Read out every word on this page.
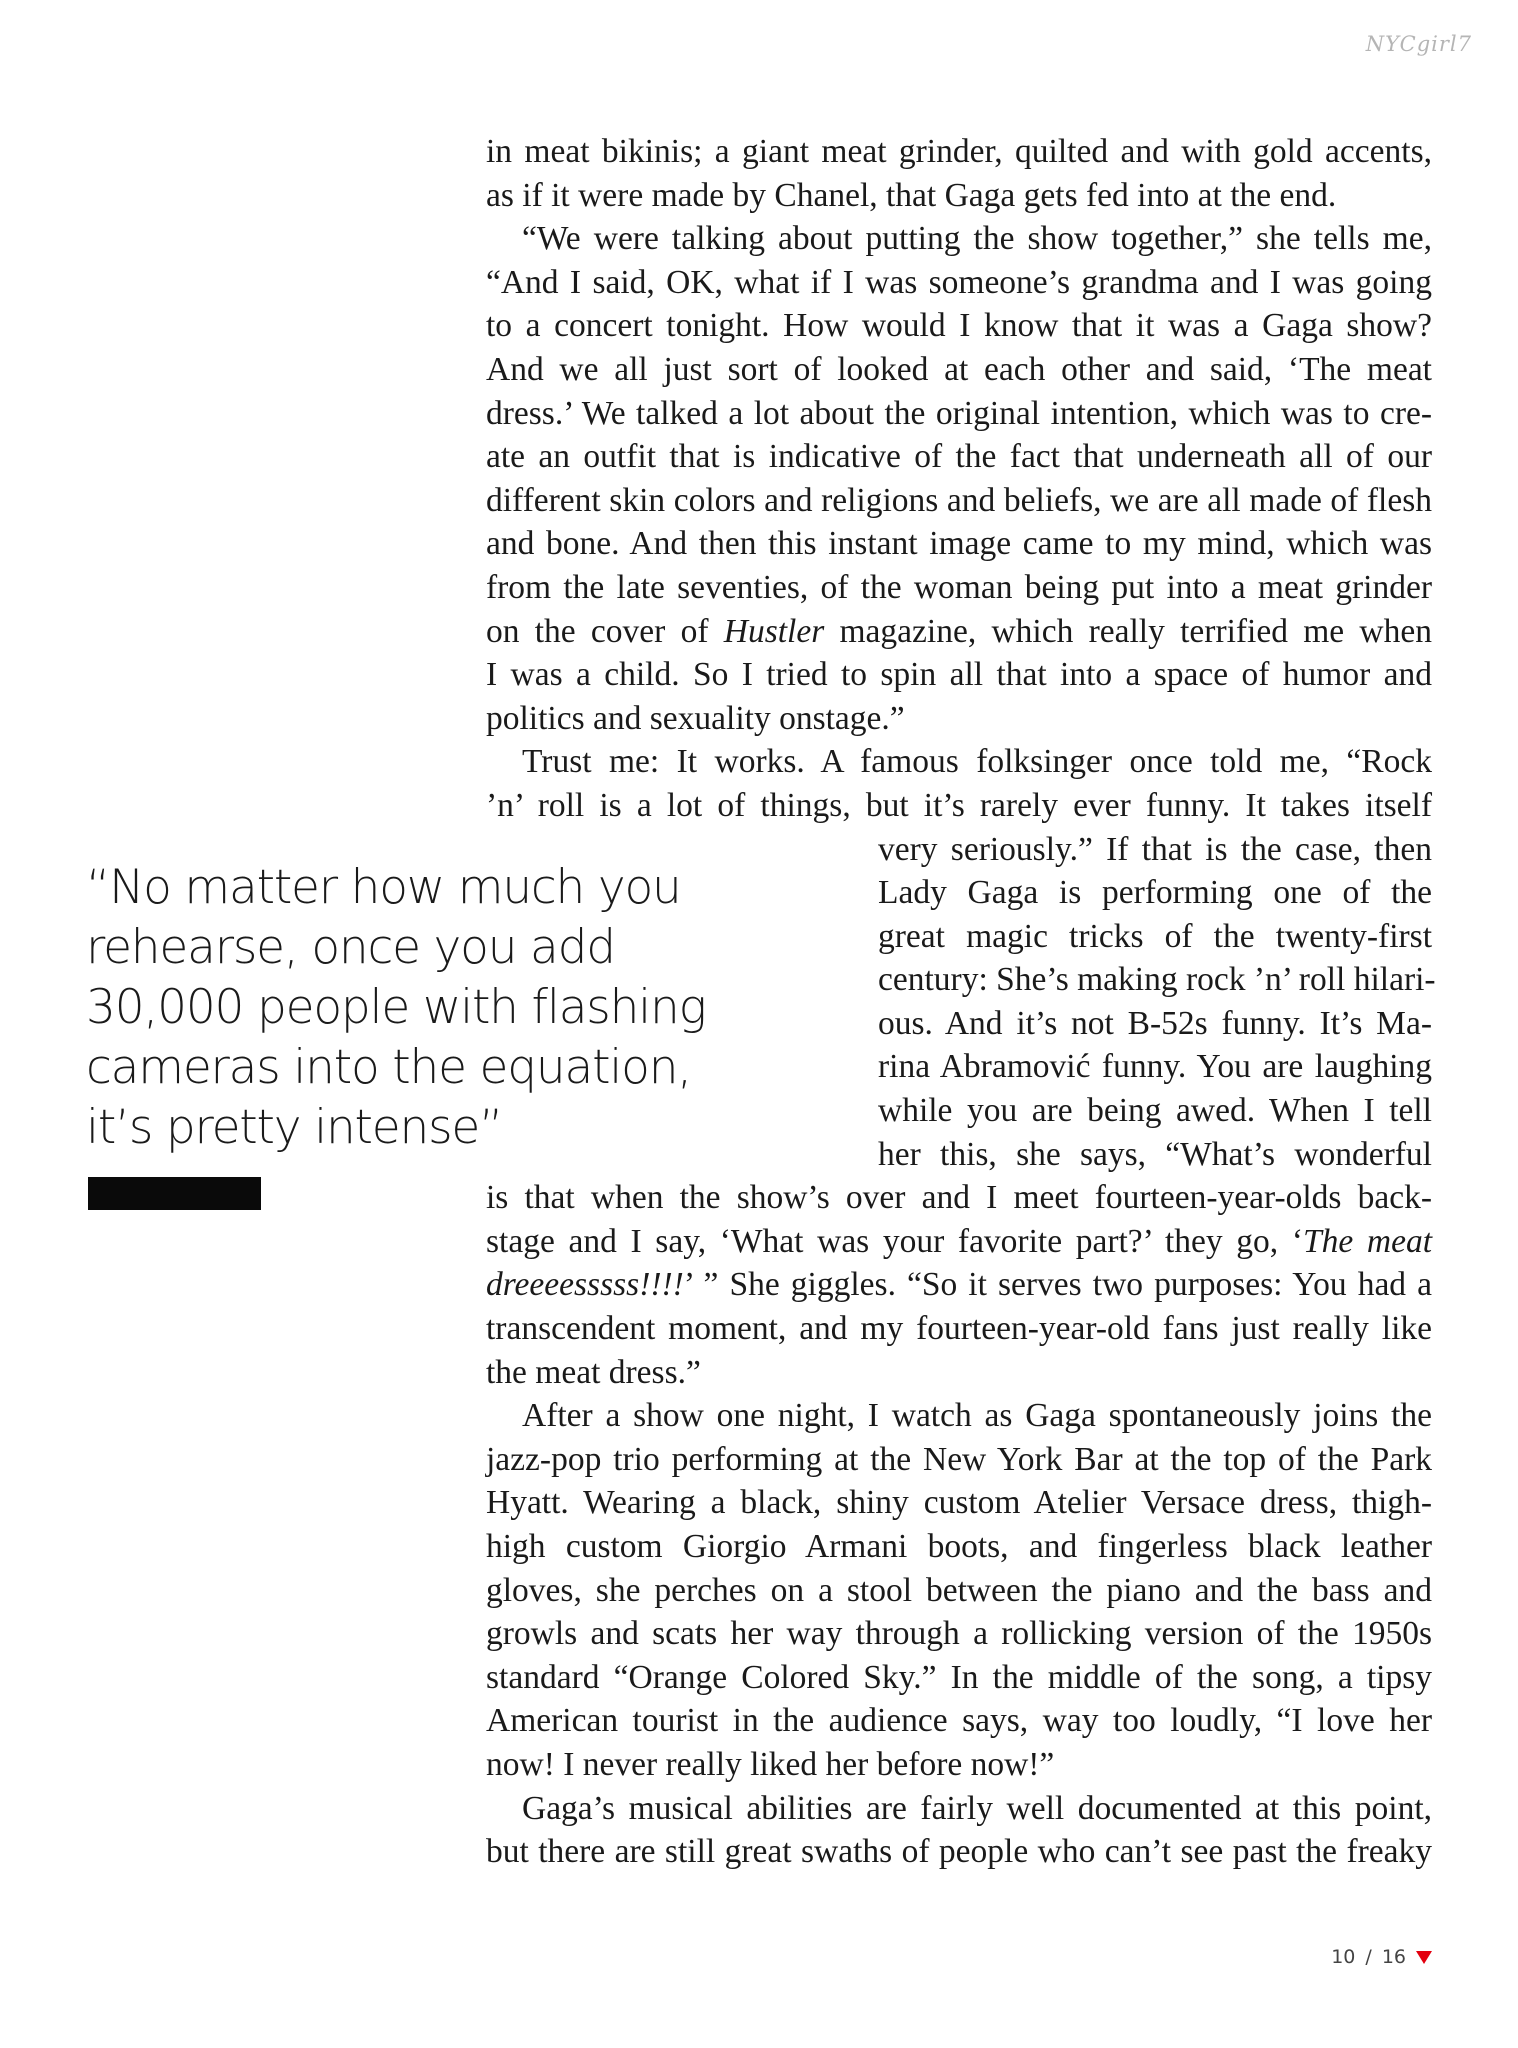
NYCgirl7
in meat bikinis; a giant meat grinder, quilted and with gold accents,
as if it were made by Chanel, that Gaga gets fed into at the end.
“We were talking about putting the show together,” she tells me,
“And I said, OK, what if I was someone’s grandma and I was going
to a concert tonight. How would I know that it was a Gaga show?
And we all just sort of looked at each other and said, ‘The meat
dress.’ We talked a lot about the original intention, which was to cre-
ate an outfit that is indicative of the fact that underneath all of our
different skin colors and religions and beliefs, we are all made of flesh
and bone. And then this instant image came to my mind, which was
from the late seventies, of the woman being put into a meat grinder
on the cover of Hustler magazine, which really terrified me when
I was a child. So I tried to spin all that into a space of humor and
politics and sexuality onstage.”
Trust me: It works. A famous folksinger once told me, “Rock
’n’ roll is a lot of things, but it’s rarely ever funny. It takes itself
very seriously.” If that is the case, then
Lady Gaga is performing one of the
great magic tricks of the twenty-first
century: She’s making rock ’n’ roll hilari-
ous. And it’s not B-52s funny. It’s Ma-
rina Abramović funny. You are laughing
while you are being awed. When I tell
her this, she says, “What’s wonderful
is that when the show’s over and I meet fourteen-year-olds back-
stage and I say, ‘What was your favorite part?’ they go, ‘The meat
dreeeesssss!!!!’ ” She giggles. “So it serves two purposes: You had a
transcendent moment, and my fourteen-year-old fans just really like
the meat dress.”
After a show one night, I watch as Gaga spontaneously joins the
jazz-pop trio performing at the New York Bar at the top of the Park
Hyatt. Wearing a black, shiny custom Atelier Versace dress, thigh-
high custom Giorgio Armani boots, and fingerless black leather
gloves, she perches on a stool between the piano and the bass and
growls and scats her way through a rollicking version of the 1950s
standard “Orange Colored Sky.” In the middle of the song, a tipsy
American tourist in the audience says, way too loudly, “I love her
now! I never really liked her before now!”
Gaga’s musical abilities are fairly well documented at this point,
but there are still great swaths of people who can’t see past the freaky
“No matter how much you
rehearse, once you add
30,000 people with flashing
cameras into the equation,
it’s pretty intense”
10 / 16
